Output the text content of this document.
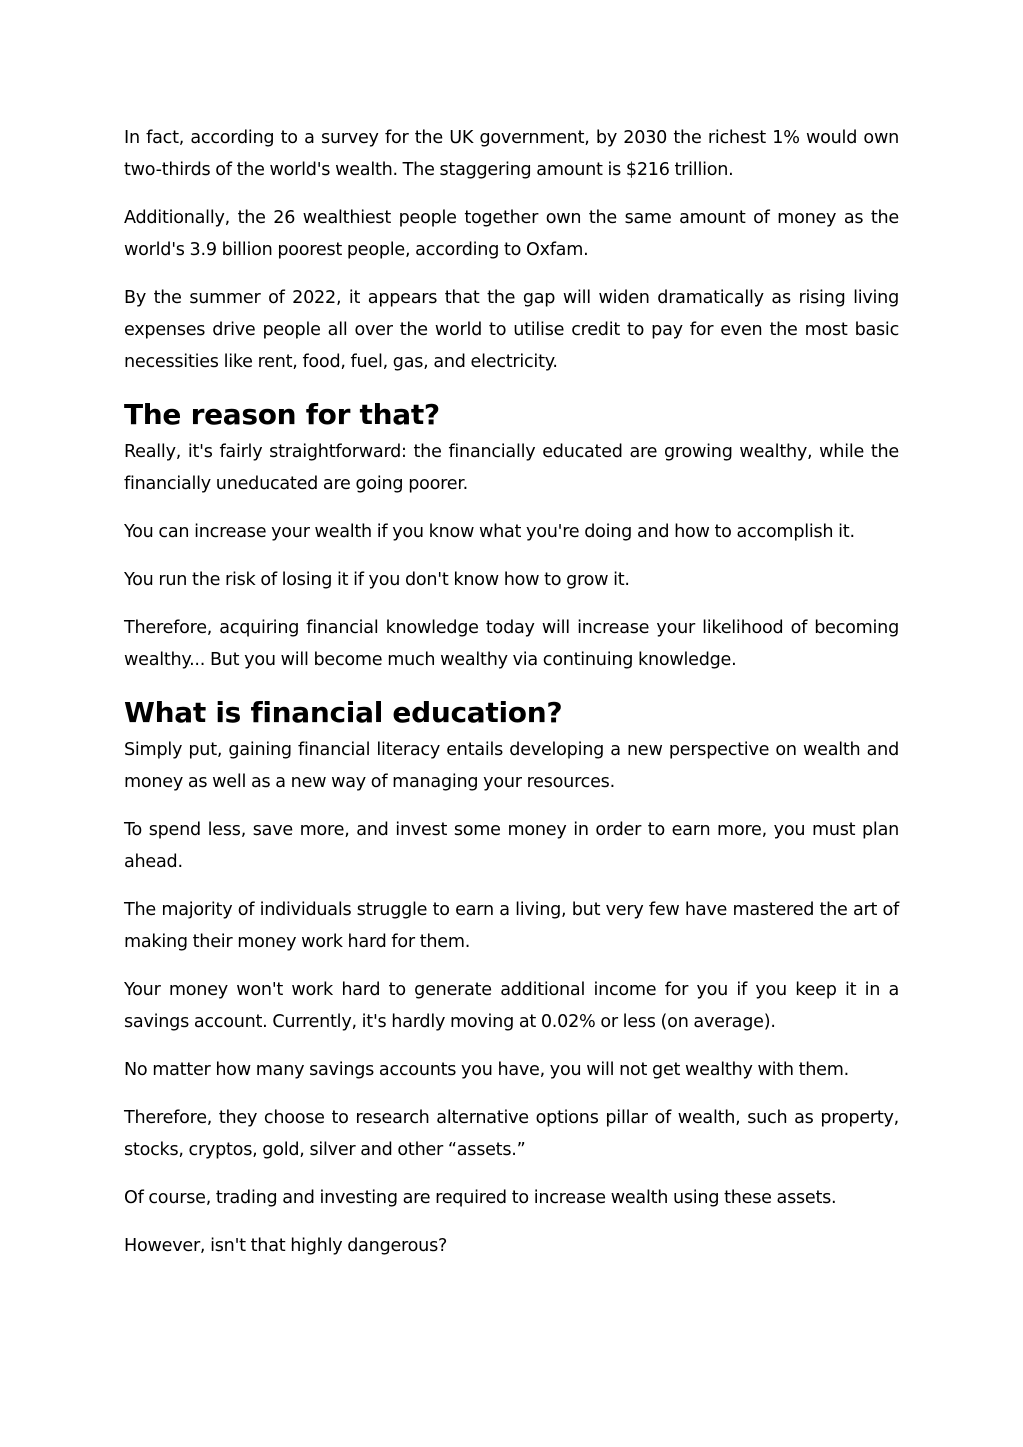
In fact, according to a survey for the UK government, by 2030 the richest 1% would own two-thirds of the world's wealth. The staggering amount is $216 trillion.

Additionally, the 26 wealthiest people together own the same amount of money as the world's 3.9 billion poorest people, according to Oxfam.

By the summer of 2022, it appears that the gap will widen dramatically as rising living expenses drive people all over the world to utilise credit to pay for even the most basic necessities like rent, food, fuel, gas, and electricity.

The reason for that?

Really, it's fairly straightforward: the financially educated are growing wealthy, while the financially uneducated are going poorer.

You can increase your wealth if you know what you're doing and how to accomplish it.

You run the risk of losing it if you don't know how to grow it.

Therefore, acquiring financial knowledge today will increase your likelihood of becoming wealthy... But you will become much wealthy via continuing knowledge.

What is financial education?

Simply put, gaining financial literacy entails developing a new perspective on wealth and money as well as a new way of managing your resources.

To spend less, save more, and invest some money in order to earn more, you must plan ahead.

The majority of individuals struggle to earn a living, but very few have mastered the art of making their money work hard for them.

Your money won't work hard to generate additional income for you if you keep it in a savings account. Currently, it's hardly moving at 0.02% or less (on average).

No matter how many savings accounts you have, you will not get wealthy with them.

Therefore, they choose to research alternative options pillar of wealth, such as property, stocks, cryptos, gold, silver and other “assets.”

Of course, trading and investing are required to increase wealth using these assets.

However, isn't that highly dangerous?
